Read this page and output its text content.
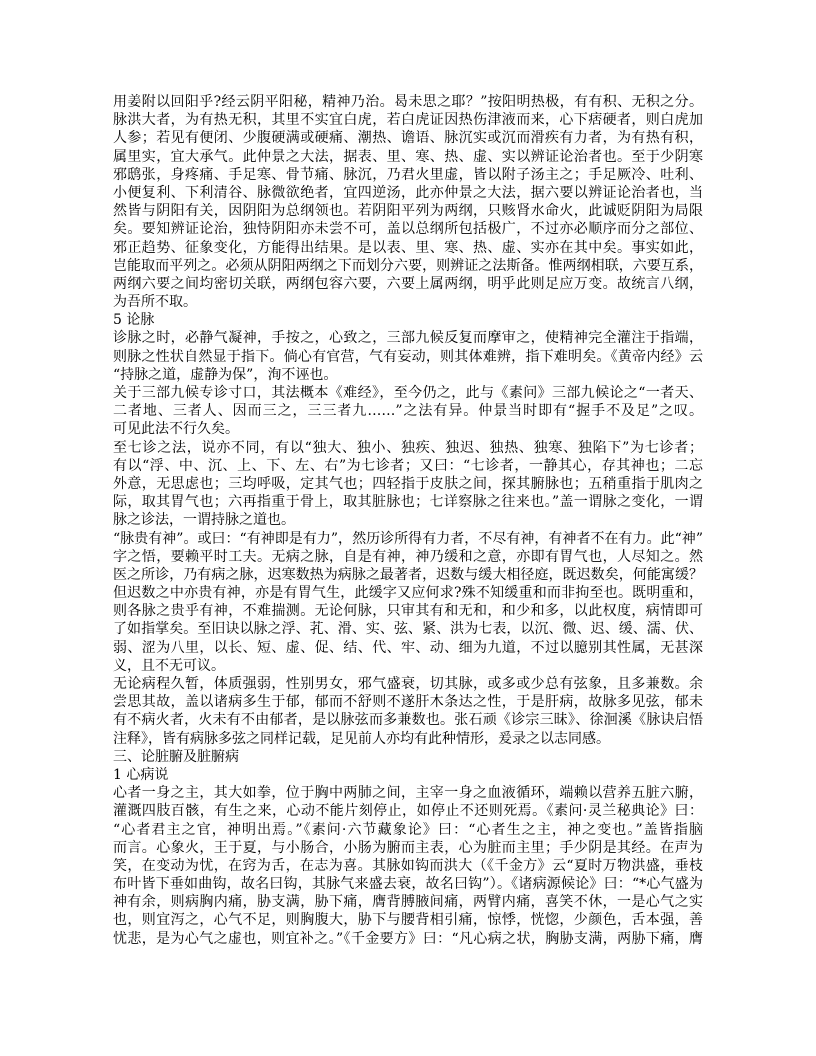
用姜附以回阳乎?经云阴平阳秘，精神乃治。曷未思之耶？”按阳明热极，有有积、无积之分。
脉洪大者，为有热无积，其里不实宜白虎，若白虎证因热伤津液而来，心下痞硬者，则白虎加
人参；若见有便闭、少腹硬满或硬痛、潮热、谵语、脉沉实或沉而滑疾有力者，为有热有积，
属里实，宜大承气。此仲景之大法，据表、里、寒、热、虚、实以辨证论治者也。至于少阴寒
邪鸱张，身疼痛、手足寒、骨节痛、脉沉，乃君火里虚，皆以附子汤主之；手足厥冷、吐利、
小便复利、下利清谷、脉微欲绝者，宜四逆汤，此亦仲景之大法，据六要以辨证论治者也，当
然皆与阴阳有关，因阴阳为总纲领也。若阴阳平列为两纲，只赅肾水命火，此诚贬阴阳为局限
矣。要知辨证论治，独恃阴阳亦未尝不可，盖以总纲所包括极广，不过亦必顺序而分之部位、
邪正趋势、征象变化，方能得出结果。是以表、里、寒、热、虚、实亦在其中矣。事实如此，
岂能取而平列之。必须从阴阳两纲之下而划分六要，则辨证之法斯备。惟两纲相联，六要互系，
两纲六要之间均密切关联，两纲包容六要，六要上属两纲，明乎此则足应万变。故统言八纲，
为吾所不取。
5 论脉
诊脉之时，必静气凝神，手按之，心致之，三部九候反复而摩审之，使精神完全灌注于指端，
则脉之性状自然显于指下。倘心有官营，气有妄动，则其体难辨，指下难明矣。《黄帝内经》云
“持脉之道，虚静为保”，洵不诬也。
关于三部九候专诊寸口，其法概本《难经》，至今仍之，此与《素问》三部九候论之“一者天、
二者地、三者人、因而三之，三三者九……”之法有异。仲景当时即有“握手不及足”之叹。
可见此法不行久矣。
至七诊之法，说亦不同，有以“独大、独小、独疾、独迟、独热、独寒、独陷下”为七诊者；
有以“浮、中、沉、上、下、左、右”为七诊者；又曰：“七诊者，一静其心，存其神也；二忘
外意，无思虑也；三均呼吸，定其气也；四轻指于皮肤之间，探其腑脉也；五稍重指于肌肉之
际，取其胃气也；六再指重于骨上，取其脏脉也；七详察脉之往来也。”盖一谓脉之变化，一谓
脉之诊法，一谓持脉之道也。
“脉贵有神”。或曰：“有神即是有力”，然历诊所得有力者，不尽有神，有神者不在有力。此“神”
字之悟，要赖平时工夫。无病之脉，自是有神，神乃缓和之意，亦即有胃气也，人尽知之。然
医之所诊，乃有病之脉，迟寒数热为病脉之最著者，迟数与缓大相径庭，既迟数矣，何能寓缓？
但迟数之中亦贵有神，亦是有胃气生，此缓字又应何求?殊不知缓重和而非拘至也。既明重和，
则各脉之贵乎有神，不难揣测。无论何脉，只审其有和无和，和少和多，以此权度，病情即可
了如指掌矣。至旧诀以脉之浮、芤、滑、实、弦、紧、洪为七表，以沉、微、迟、缓、濡、伏、
弱、涩为八里，以长、短、虚、促、结、代、牢、动、细为九道，不过以臆别其性属，无甚深
义，且不无可议。
无论病程久暂，体质强弱，性别男女，邪气盛衰，切其脉，或多或少总有弦象，且多兼数。余
尝思其故，盖以诸病多生于郁，郁而不舒则不遂肝木条达之性，于是肝病，故脉多见弦，郁未
有不病火者，火未有不由郁者，是以脉弦而多兼数也。张石顽《诊宗三昧》、徐洄溪《脉诀启悟
注释》，皆有病脉多弦之同样记载，足见前人亦均有此种情形，爰录之以志同感。
三、论脏腑及脏腑病
1 心病说
心者一身之主，其大如拳，位于胸中两肺之间，主宰一身之血液循环，端赖以营养五脏六腑，
灌溉四肢百骸，有生之来，心动不能片刻停止，如停止不还则死焉。《素问·灵兰秘典论》曰：
“心者君主之官，神明出焉。”《素问·六节藏象论》曰：“心者生之主，神之变也。”盖皆指脑
而言。心象火，王于夏，与小肠合，小肠为腑而主表，心为脏而主里；手少阴是其经。在声为
笑，在变动为忧，在窍为舌，在志为喜。其脉如钩而洪大（《千金方》云“夏时万物洪盛，垂枝
布叶皆下垂如曲钩，故名曰钩，其脉气来盛去衰，故名曰钩”）。《诸病源候论》曰：“*心气盛为
神有余，则病胸内痛，胁支满，胁下痛，膺背膊腋间痛，两臂内痛，喜笑不休，一是心气之实
也，则宜泻之，心气不足，则胸腹大，胁下与腰背相引痛，惊悸，恍惚，少颜色，舌本强，善
忧悲，是为心气之虚也，则宜补之。”《千金要方》曰：“凡心病之状，胸胁支满，两胁下痛，膺
